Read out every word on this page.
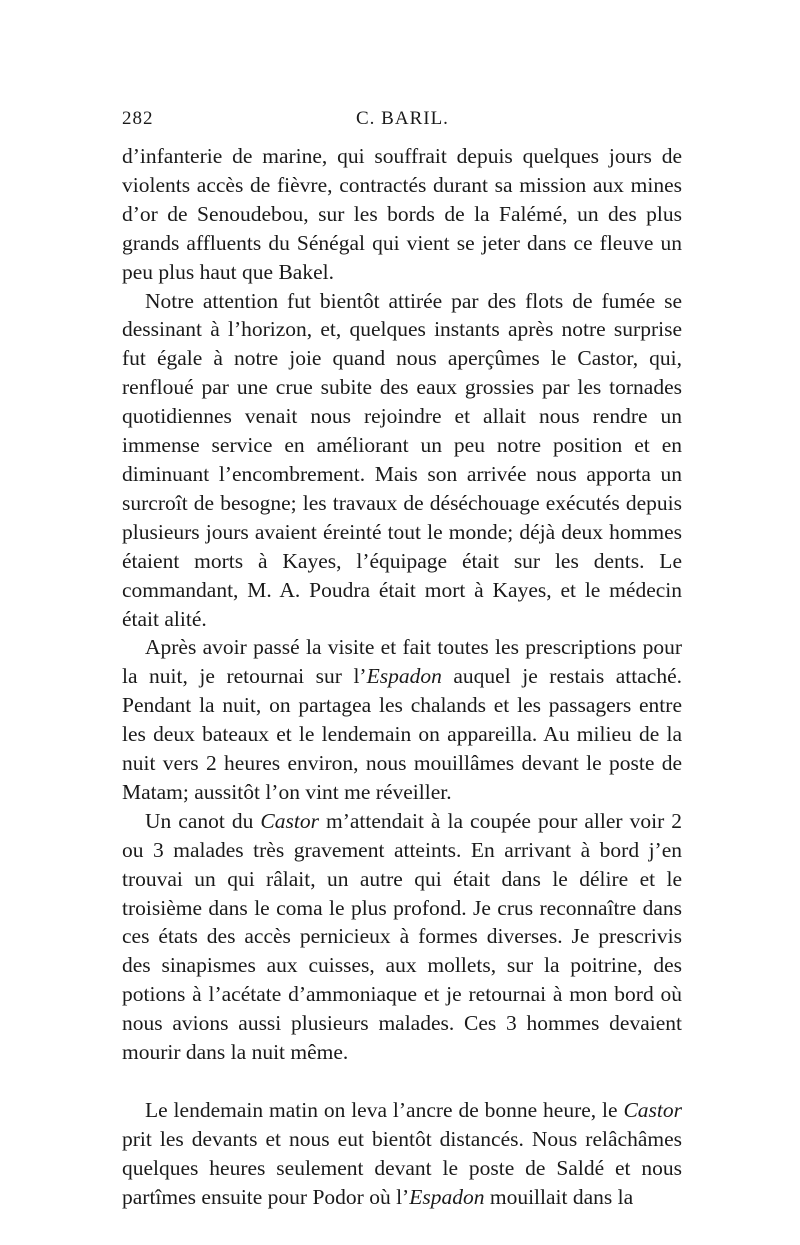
282	C. BARIL.

d’infanterie de marine, qui souffrait depuis quelques jours de violents accès de fièvre, contractés durant sa mission aux mines d’or de Senoudebou, sur les bords de la Falémé, un des plus grands affluents du Sénégal qui vient se jeter dans ce fleuve un peu plus haut que Bakel.

Notre attention fut bientôt attirée par des flots de fumée se dessinant à l’horizon, et, quelques instants après notre surprise fut égale à notre joie quand nous aperçûmes le Castor, qui, renfloué par une crue subite des eaux grossies par les tornades quotidiennes venait nous rejoindre et allait nous rendre un immense service en améliorant un peu notre position et en diminuant l’encombrement. Mais son arrivée nous apporta un surcroît de besogne; les travaux de déséchouage exécutés depuis plusieurs jours avaient éreinté tout le monde; déjà deux hommes étaient morts à Kayes, l’équipage était sur les dents. Le commandant, M. A. Poudra était mort à Kayes, et le médecin était alité.

Après avoir passé la visite et fait toutes les prescriptions pour la nuit, je retournai sur l’Espadon auquel je restais attaché. Pendant la nuit, on partagea les chalands et les passagers entre les deux bateaux et le lendemain on appareilla. Au milieu de la nuit vers 2 heures environ, nous mouillâmes devant le poste de Matam; aussitôt l’on vint me réveiller.

Un canot du Castor m’attendait à la coupée pour aller voir 2 ou 3 malades très gravement atteints. En arrivant à bord j’en trouvai un qui râlait, un autre qui était dans le délire et le troisième dans le coma le plus profond. Je crus reconnaître dans ces états des accès pernicieux à formes diverses. Je prescrivis des sinapismes aux cuisses, aux mollets, sur la poitrine, des potions à l’acétate d’ammoniaque et je retournai à mon bord où nous avions aussi plusieurs malades. Ces 3 hommes devaient mourir dans la nuit même.

Le lendemain matin on leva l’ancre de bonne heure, le Castor prit les devants et nous eut bientôt distancés. Nous relâchâmes quelques heures seulement devant le poste de Saldé et nous partîmes ensuite pour Podor où l’Espadon mouillait dans la
